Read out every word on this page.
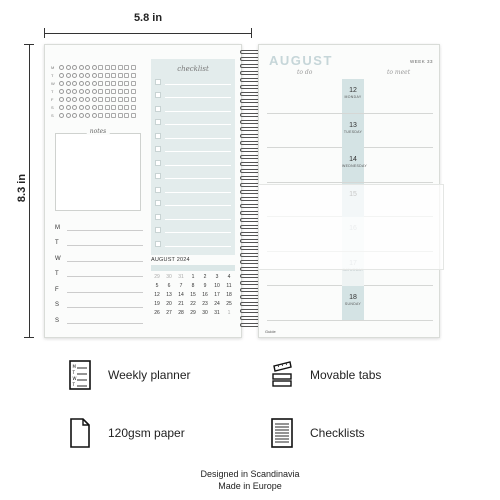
5.8 in
8.3 in
M
T
W
T
F
S
S
notes
M
T
W
T
F
S
S
checklist
AUGUST 2024
29	30	31	1	2	3	4
5	6	7	8	9	10	11
12	13	14	15	16	17	18
19	20	21	22	23	24	25
26	27	28	29	30	31	1
AUGUST	WEEK 33
to do	to meet
12
MONDAY
13
TUESDAY
14
WEDNESDAY
18
SUNDAY
Guide
M
T
W
T
Weekly planner	Movable tabs
120gsm paper	Checklists
Designed in Scandinavia
Made in Europe
